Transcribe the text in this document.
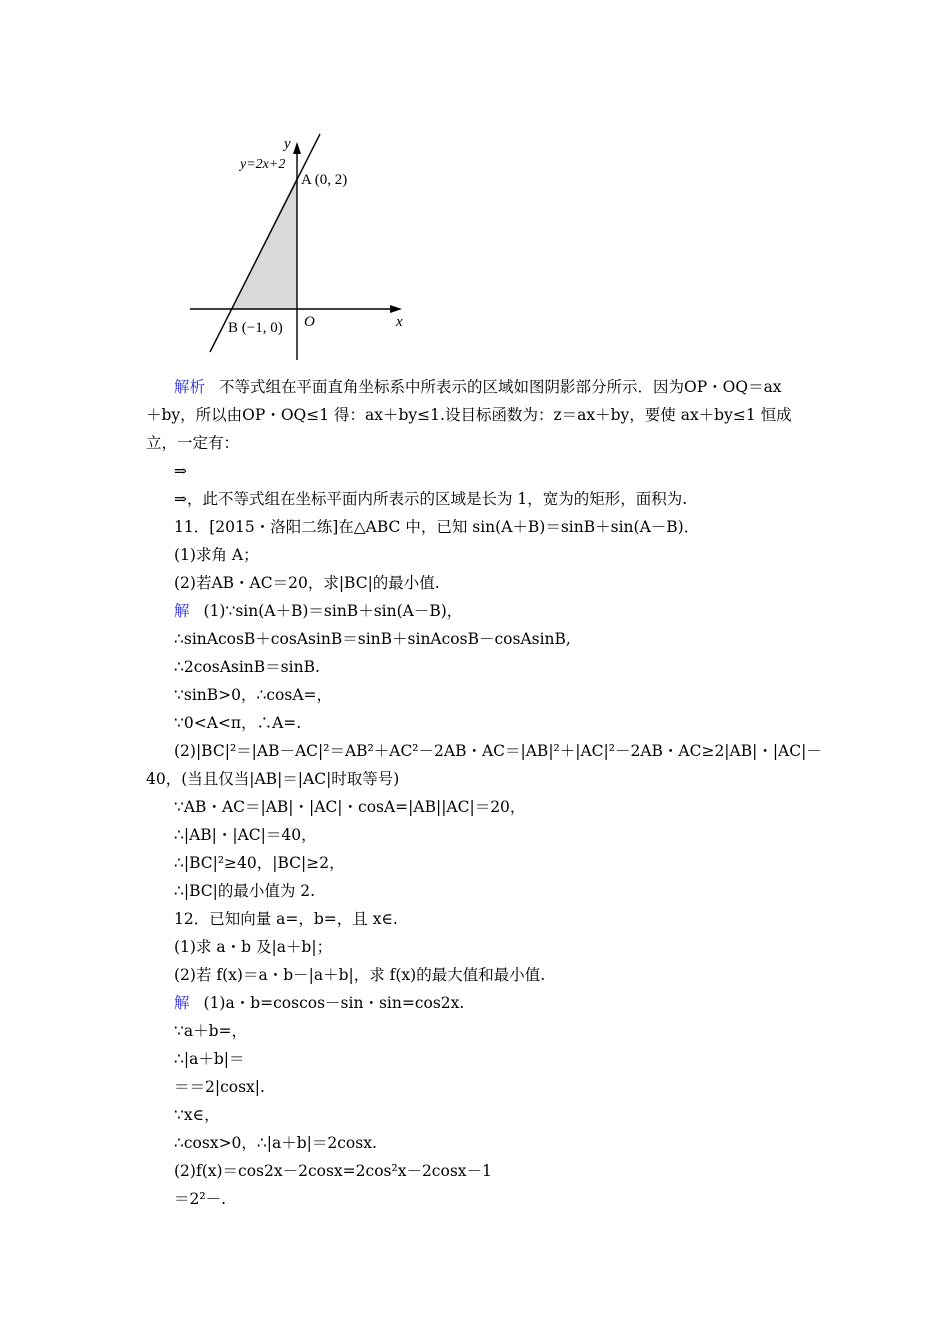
y
x
y=2x+2
A (0, 2)
B (−1, 0) O
解析 不等式组在平面直角坐标系中所表示的区域如图阴影部分所示．因为OP・OQ＝ax
＋by，所以由OP・OQ≤1 得：ax＋by≤1.设目标函数为：z＝ax＋by，要使 ax＋by≤1 恒成
立，一定有：
⇒
⇒，此不等式组在坐标平面内所表示的区域是长为 1，宽为的矩形，面积为.
11．[2015・洛阳二练]在△ABC 中，已知 sin(A＋B)＝sinB＋sin(A－B)．
(1)求角 A；
(2)若AB・AC＝20，求|BC|的最小值.
解 (1)∵sin(A＋B)＝sinB＋sin(A－B)，
∴sinAcosB＋cosAsinB＝sinB＋sinAcosB－cosAsinB,
∴2cosAsinB＝sinB.
∵sinB>0，∴cosA=，
∵0<A<π，∴A=.
(2)|BC|²＝|AB－AC|²＝AB²＋AC²－2AB・AC＝|AB|²＋|AC|²－2AB・AC≥2|AB|・|AC|－
40，(当且仅当|AB|＝|AC|时取等号)
∵AB・AC＝|AB|・|AC|・cosA=|AB||AC|＝20，
∴|AB|・|AC|＝40，
∴|BC|²≥40，|BC|≥2，
∴|BC|的最小值为 2.
12．已知向量 a=，b=，且 x∈.
(1)求 a・b 及|a＋b|；
(2)若 f(x)＝a・b－|a＋b|，求 f(x)的最大值和最小值.
解 (1)a・b=coscos－sin・sin=cos2x.
∵a＋b=，
∴|a＋b|＝
＝＝2|cosx|.
∵x∈，
∴cosx>0，∴|a＋b|＝2cosx.
(2)f(x)＝cos2x－2cosx=2cos²x－2cosx－1
＝2²－.
